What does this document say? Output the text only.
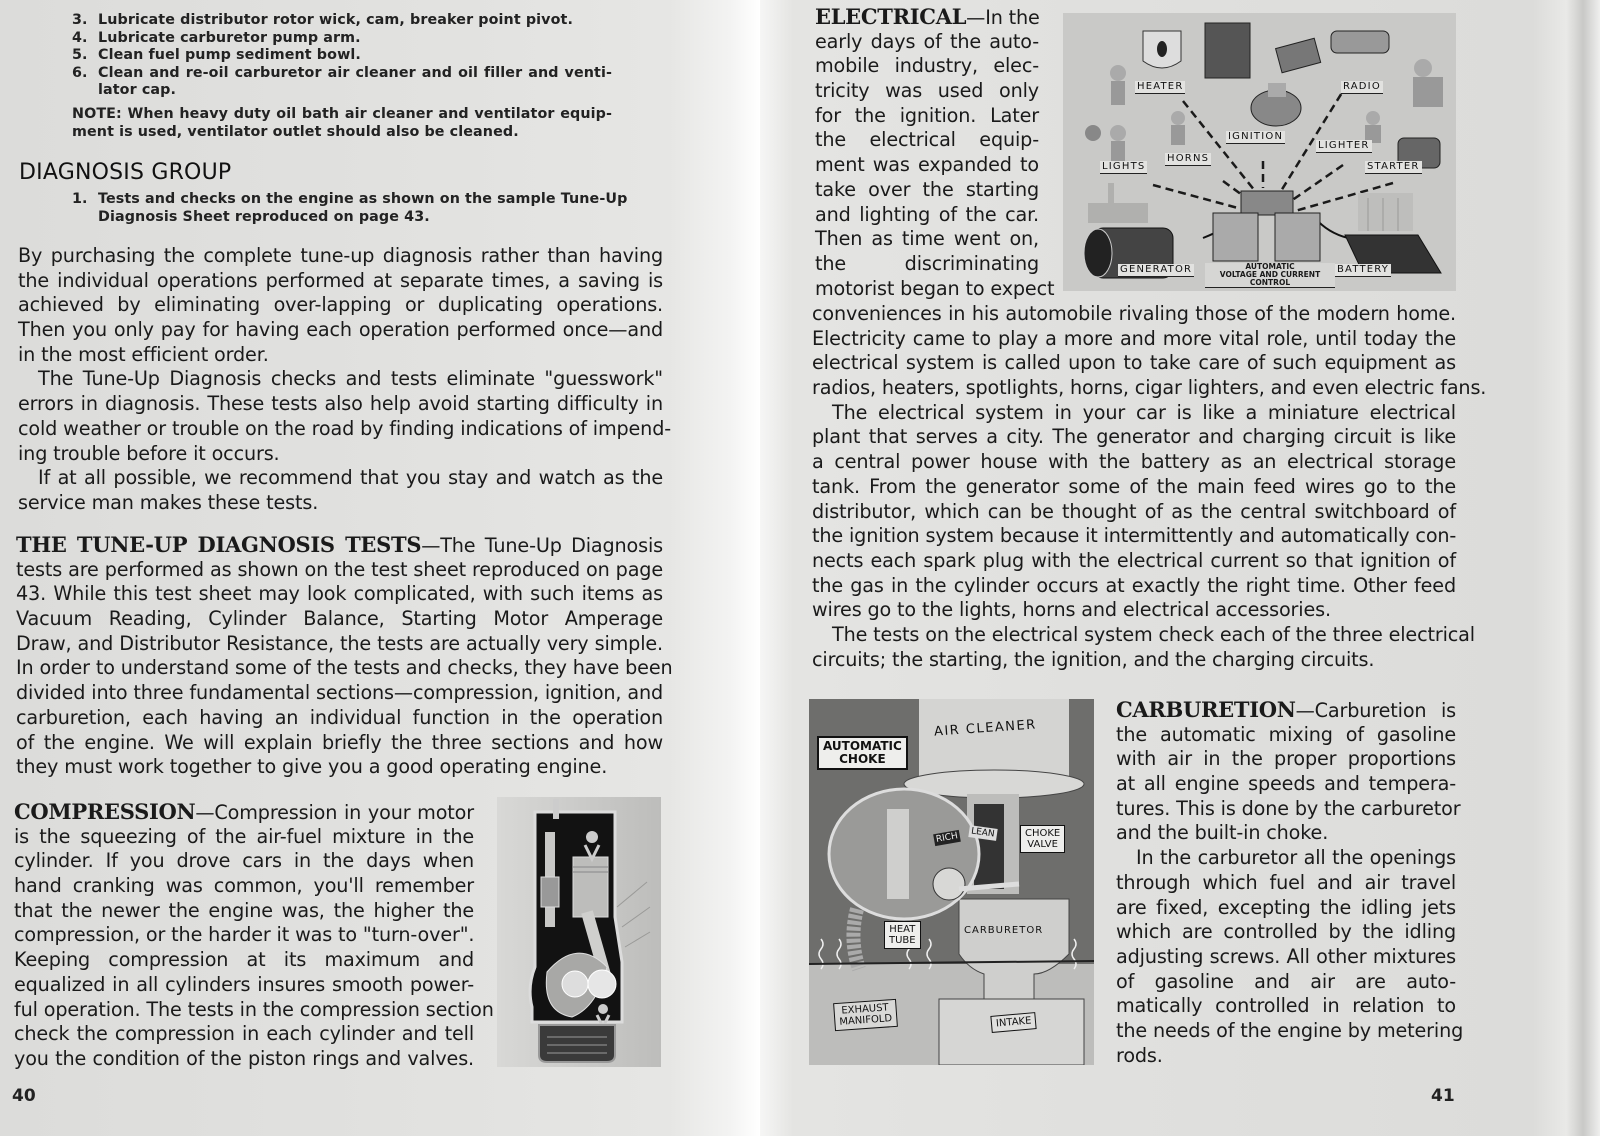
3. Lubricate distributor rotor wick, cam, breaker point pivot.
4. Lubricate carburetor pump arm.
5. Clean fuel pump sediment bowl.
6. Clean and re-oil carburetor air cleaner and oil filler and venti-
lator cap.
NOTE: When heavy duty oil bath air cleaner and ventilator equip-
ment is used, ventilator outlet should also be cleaned.
DIAGNOSIS GROUP
1. Tests and checks on the engine as shown on the sample Tune-Up
Diagnosis Sheet reproduced on page 43.
By purchasing the complete tune-up diagnosis rather than having
the individual operations performed at separate times, a saving is
achieved by eliminating over-lapping or duplicating operations.
Then you only pay for having each operation performed once—and
in the most efficient order.
The Tune-Up Diagnosis checks and tests eliminate "guesswork"
errors in diagnosis. These tests also help avoid starting difficulty in
cold weather or trouble on the road by finding indications of impend-
ing trouble before it occurs.
If at all possible, we recommend that you stay and watch as the
service man makes these tests.
THE TUNE-UP DIAGNOSIS TESTS—The Tune-Up Diagnosis
tests are performed as shown on the test sheet reproduced on page
43. While this test sheet may look complicated, with such items as
Vacuum Reading, Cylinder Balance, Starting Motor Amperage
Draw, and Distributor Resistance, the tests are actually very simple.
In order to understand some of the tests and checks, they have been
divided into three fundamental sections—compression, ignition, and
carburetion, each having an individual function in the operation
of the engine. We will explain briefly the three sections and how
they must work together to give you a good operating engine.
COMPRESSION—Compression in your motor
is the squeezing of the air-fuel mixture in the
cylinder. If you drove cars in the days when
hand cranking was common, you'll remember
that the newer the engine was, the higher the
compression, or the harder it was to "turn-over".
Keeping compression at its maximum and
equalized in all cylinders insures smooth power-
ful operation. The tests in the compression section
check the compression in each cylinder and tell
you the condition of the piston rings and valves.
40
ELECTRICAL—In the
early days of the auto-
mobile industry, elec-
tricity was used only
for the ignition. Later
the electrical equip-
ment was expanded to
take over the starting
and lighting of the car.
Then as time went on,
the discriminating
motorist began to expect
conveniences in his automobile rivaling those of the modern home.
Electricity came to play a more and more vital role, until today the
electrical system is called upon to take care of such equipment as
radios, heaters, spotlights, horns, cigar lighters, and even electric fans.
The electrical system in your car is like a miniature electrical
plant that serves a city. The generator and charging circuit is like
a central power house with the battery as an electrical storage
tank. From the generator some of the main feed wires go to the
distributor, which can be thought of as the central switchboard of
the ignition system because it intermittently and automatically con-
nects each spark plug with the electrical current so that ignition of
the gas in the cylinder occurs at exactly the right time. Other feed
wires go to the lights, horns and electrical accessories.
The tests on the electrical system check each of the three electrical
circuits; the starting, the ignition, and the charging circuits.
CARBURETION—Carburetion is
the automatic mixing of gasoline
with air in the proper proportions
at all engine speeds and tempera-
tures. This is done by the carburetor
and the built-in choke.
In the carburetor all the openings
through which fuel and air travel
are fixed, excepting the idling jets
which are controlled by the idling
adjusting screws. All other mixtures
of gasoline and air are auto-
matically controlled in relation to
the needs of the engine by metering
rods.
41
HEATER	RADIO
IGNITION
HORNS
LIGHTER
LIGHTS	STARTER
GENERATOR	BATTERY
AUTOMATIC
VOLTAGE AND CURRENT CONTROL
AIR CLEANER
AUTOMATIC
CHOKE
RICH LEAN	CHOKE
VALVE
HEAT
TUBE
CARBURETOR
EXHAUST
MANIFOLD	INTAKE
